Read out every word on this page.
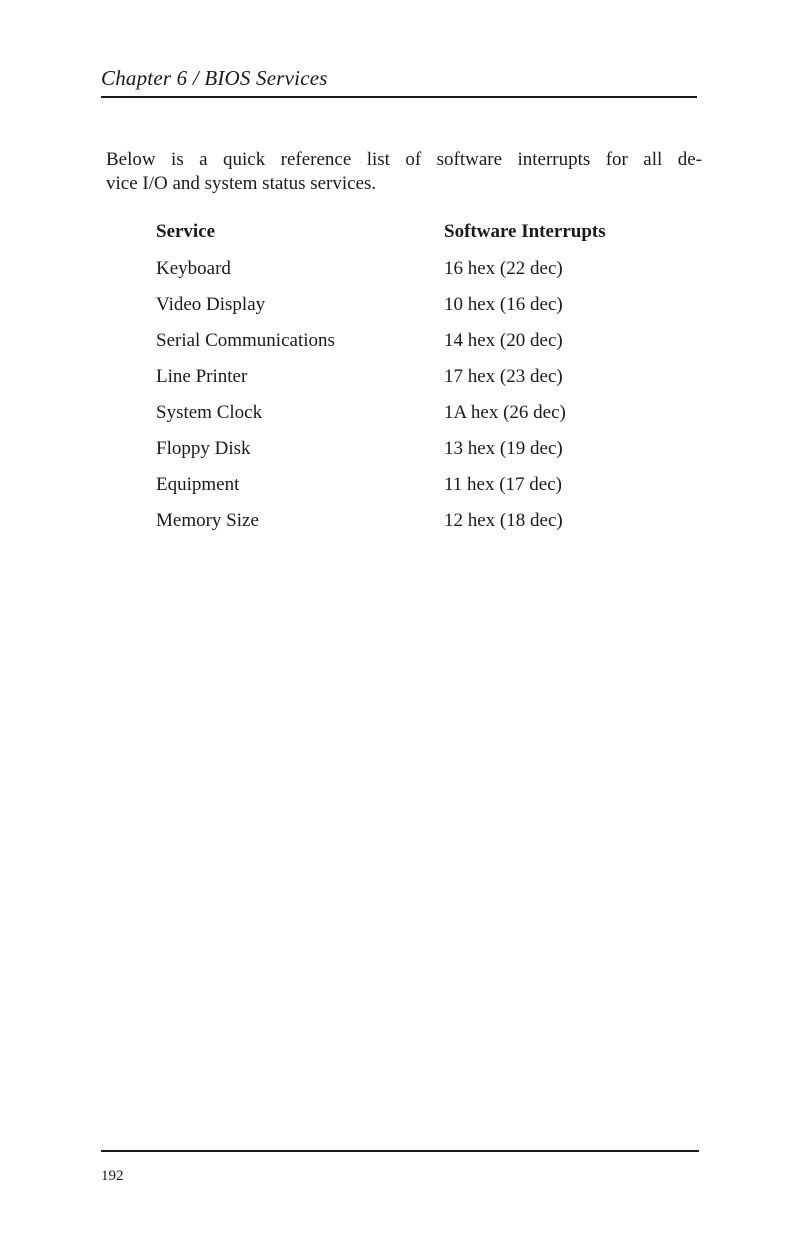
Chapter 6 / BIOS Services
Below is a quick reference list of software interrupts for all de-
vice I/O and system status services.
Service	Software Interrupts
Keyboard	16 hex (22 dec)
Video Display	10 hex (16 dec)
Serial Communications	14 hex (20 dec)
Line Printer	17 hex (23 dec)
System Clock	1A hex (26 dec)
Floppy Disk	13 hex (19 dec)
Equipment	11 hex (17 dec)
Memory Size	12 hex (18 dec)
192
